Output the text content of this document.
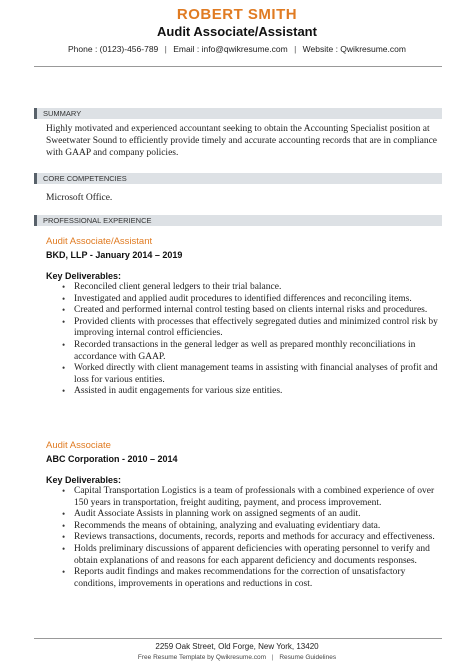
ROBERT SMITH
Audit Associate/Assistant
Phone : (0123)-456-789 | Email : info@qwikresume.com | Website : Qwikresume.com
SUMMARY
Highly motivated and experienced accountant seeking to obtain the Accounting Specialist position at Sweetwater Sound to efficiently provide timely and accurate accounting records that are in compliance with GAAP and company policies.
CORE COMPETENCIES
Microsoft Office.
PROFESSIONAL EXPERIENCE
Audit Associate/Assistant
BKD, LLP - January 2014 – 2019
Key Deliverables:
• Reconciled client general ledgers to their trial balance.
• Investigated and applied audit procedures to identified differences and reconciling items.
• Created and performed internal control testing based on clients internal risks and procedures.
• Provided clients with processes that effectively segregated duties and minimized control risk by improving internal control efficiencies.
• Recorded transactions in the general ledger as well as prepared monthly reconciliations in accordance with GAAP.
• Worked directly with client management teams in assisting with financial analyses of profit and loss for various entities.
• Assisted in audit engagements for various size entities.
Audit Associate
ABC Corporation - 2010 – 2014
Key Deliverables:
• Capital Transportation Logistics is a team of professionals with a combined experience of over 150 years in transportation, freight auditing, payment, and process improvement.
• Audit Associate Assists in planning work on assigned segments of an audit.
• Recommends the means of obtaining, analyzing and evaluating evidentiary data.
• Reviews transactions, documents, records, reports and methods for accuracy and effectiveness.
• Holds preliminary discussions of apparent deficiencies with operating personnel to verify and obtain explanations of and reasons for each apparent deficiency and documents responses.
• Reports audit findings and makes recommendations for the correction of unsatisfactory conditions, improvements in operations and reductions in cost.
2259 Oak Street, Old Forge, New York, 13420
Free Resume Template by Qwikresume.com | Resume Guidelines
